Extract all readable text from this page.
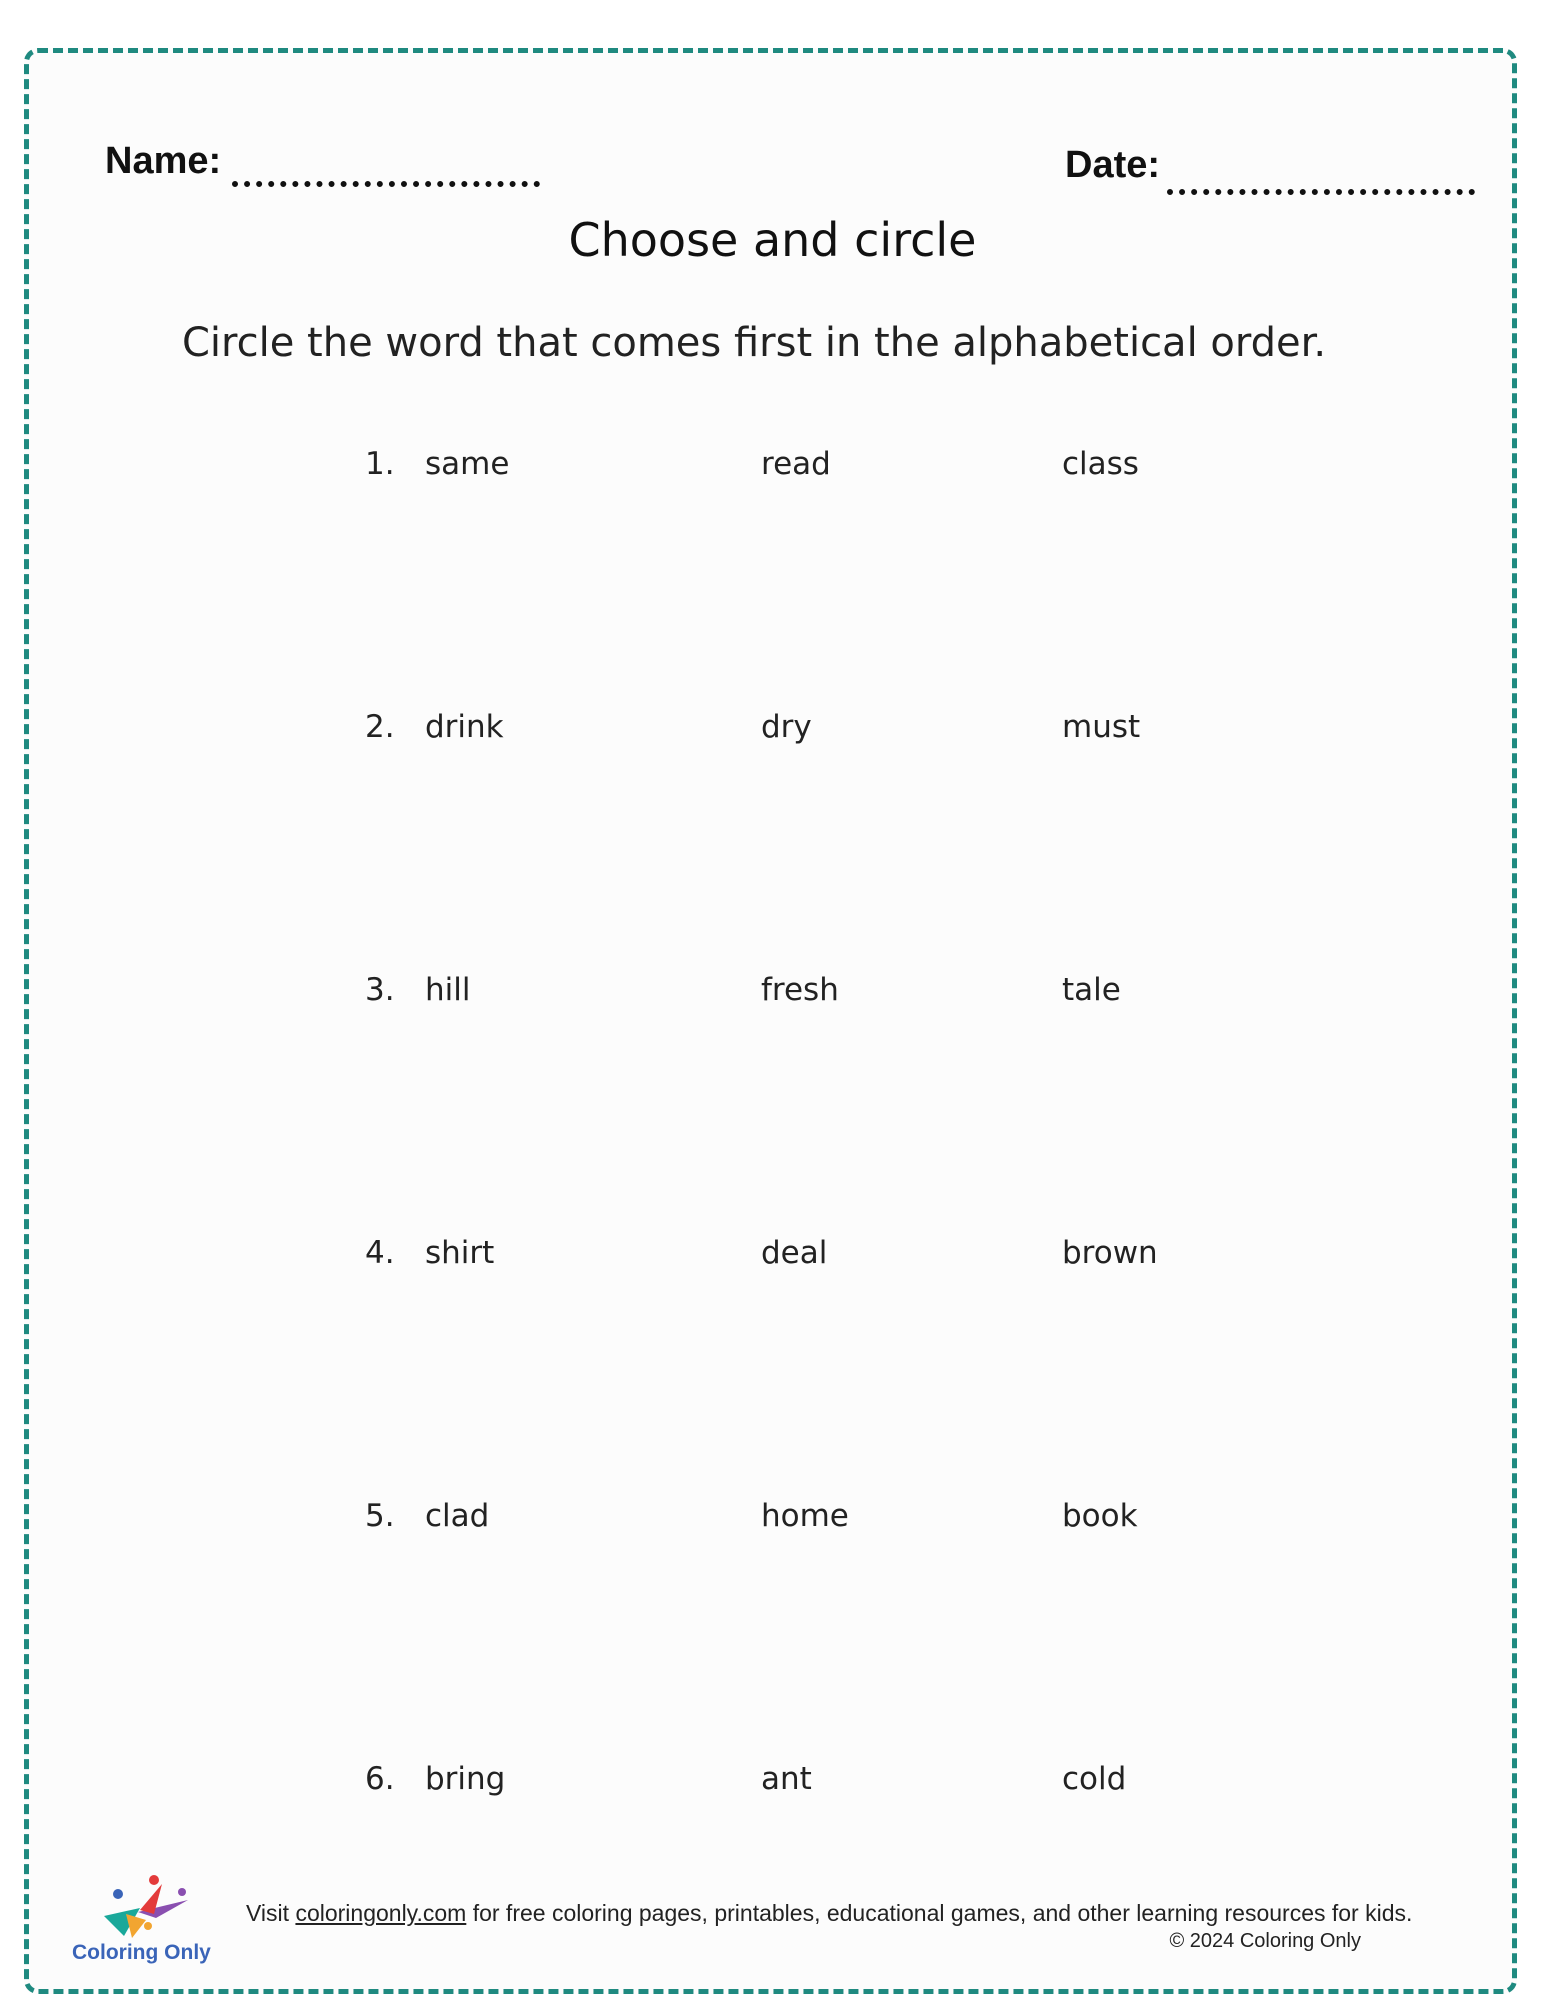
Name:	Date:
Choose and circle
Circle the word that comes first in the alphabetical order.
1. same	read	class
2. drink	dry	must
3. hill	fresh	tale
4. shirt	deal	brown
5. clad	home	book
6. bring	ant	cold
Coloring Only
Visit coloringonly.com for free coloring pages, printables, educational games, and other learning resources for kids.
© 2024 Coloring Only
